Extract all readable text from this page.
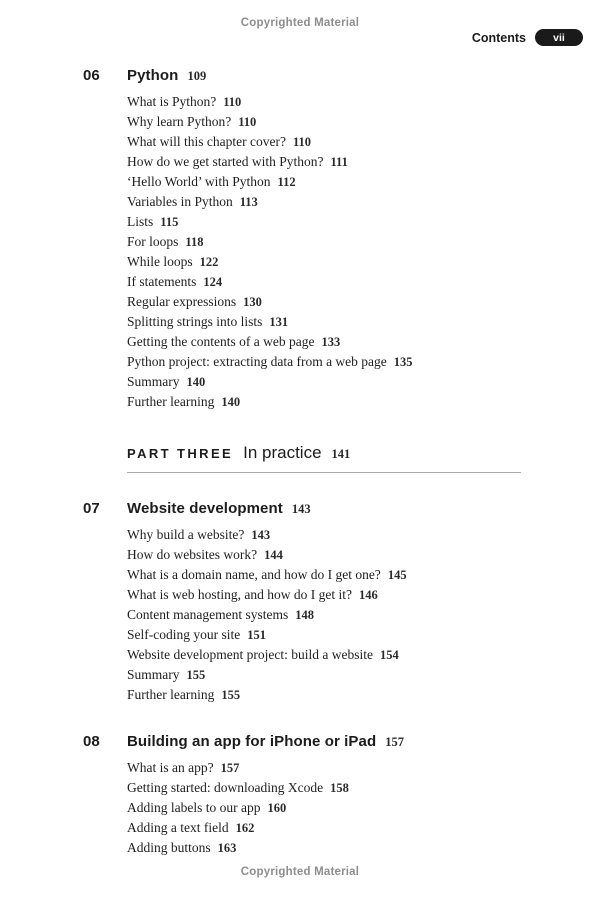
Copyrighted Material
Contents	vii
06	Python 109
What is Python? 110
Why learn Python? 110
What will this chapter cover? 110
How do we get started with Python? 111
‘Hello World’ with Python 112
Variables in Python 113
Lists 115
For loops 118
While loops 122
If statements 124
Regular expressions 130
Splitting strings into lists 131
Getting the contents of a web page 133
Python project: extracting data from a web page 135
Summary 140
Further learning 140
PART THREE In practice 141
07	Website development 143
Why build a website? 143
How do websites work? 144
What is a domain name, and how do I get one? 145
What is web hosting, and how do I get it? 146
Content management systems 148
Self-coding your site 151
Website development project: build a website 154
Summary 155
Further learning 155
08	Building an app for iPhone or iPad 157
What is an app? 157
Getting started: downloading Xcode 158
Adding labels to our app 160
Adding a text field 162
Adding buttons 163
Copyrighted Material
